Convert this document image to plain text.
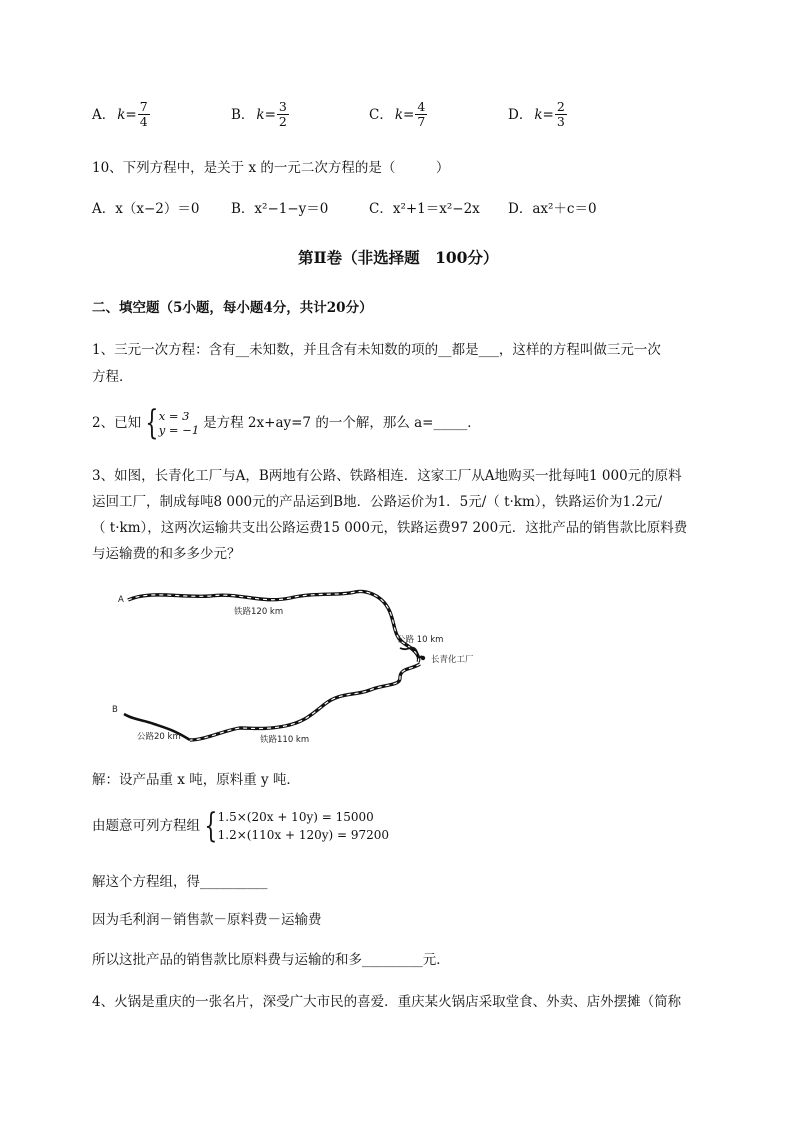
A． $k= \frac{7}{4}$	B． $k= \frac{3}{2}$	C． $k= \frac{4}{7}$	D． $k= \frac{2}{3}$
10、下列方程中，是关于 x 的一元二次方程的是（　　　）
A．x（x−2）＝0 B．x²−1−y＝0	C．x²+1＝x²−2x D．ax²＋c＝0
第Ⅱ卷（非选择题　100分）
二、填空题（5小题，每小题4分，共计20分）
1、三元一次方程：含有__未知数，并且含有未知数的项的__都是___，这样的方程叫做三元一次
方程．
2、已知 { x = 3
y = −1 是方程 2x+ay=7 的一个解，那么 a=_____．
3、如图，长青化工厂与A，B两地有公路、铁路相连．这家工厂从A地购买一批每吨1 000元的原料
运回工厂，制成每吨8 000元的产品运到B地．公路运价为1．5元/（ t·km），铁路运价为1.2元/
（ t·km），这两次运输共支出公路运费15 000元，铁路运费97 200元．这批产品的销售款比原料费
与运输费的和多多少元？
A
B
铁路120 km
公路 10 km
长青化工厂
公路20 km	铁路110 km
解：设产品重 x 吨，原料重 y 吨．
由题意可列方程组 { 1.5×(20x + 10y) = 15000
1.2×(110x + 120y) = 97200
解这个方程组，得__________
因为毛利润－销售款－原料费－运输费
所以这批产品的销售款比原料费与运输的和多_________元．
4、火锅是重庆的一张名片，深受广大市民的喜爱．重庆某火锅店采取堂食、外卖、店外摆摊（简称
